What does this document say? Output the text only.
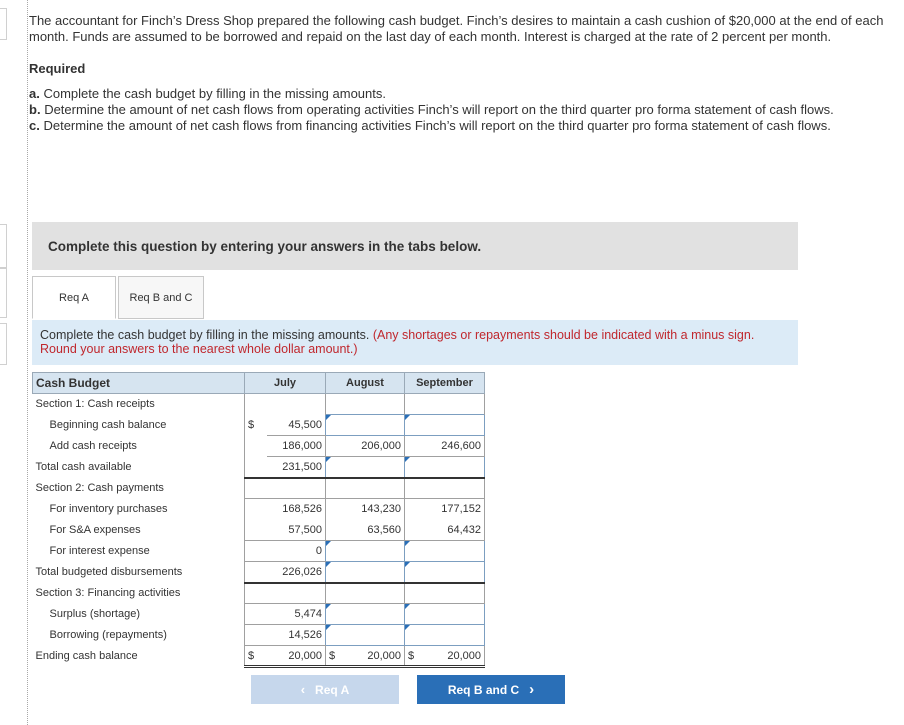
The accountant for Finch’s Dress Shop prepared the following cash budget. Finch’s desires to maintain a cash cushion of $20,000 at the end of each month. Funds are assumed to be borrowed and repaid on the last day of each month. Interest is charged at the rate of 2 percent per month.
Required
a. Complete the cash budget by filling in the missing amounts.
b. Determine the amount of net cash flows from operating activities Finch’s will report on the third quarter pro forma statement of cash flows.
c. Determine the amount of net cash flows from financing activities Finch’s will report on the third quarter pro forma statement of cash flows.
Complete this question by entering your answers in the tabs below.
Req A	Req B and C
Complete the cash budget by filling in the missing amounts. (Any shortages or repayments should be indicated with a minus sign. Round your answers to the nearest whole dollar amount.)
Cash Budget	July		August		September	
Section 1: Cash receipts						
Beginning cash balance	$	45,500				
Add cash receipts		186,000		206,000		246,600
Total cash available		231,500				
Section 2: Cash payments						
For inventory purchases		168,526		143,230		177,152
For S&A expenses		57,500		63,560		64,432
For interest expense		0				
Total budgeted disbursements		226,026				
Section 3: Financing activities						
Surplus (shortage)		5,474				
Borrowing (repayments)		14,526				
Ending cash balance	$	20,000	$	20,000	$	20,000
‹ Req A	Req B and C ›
